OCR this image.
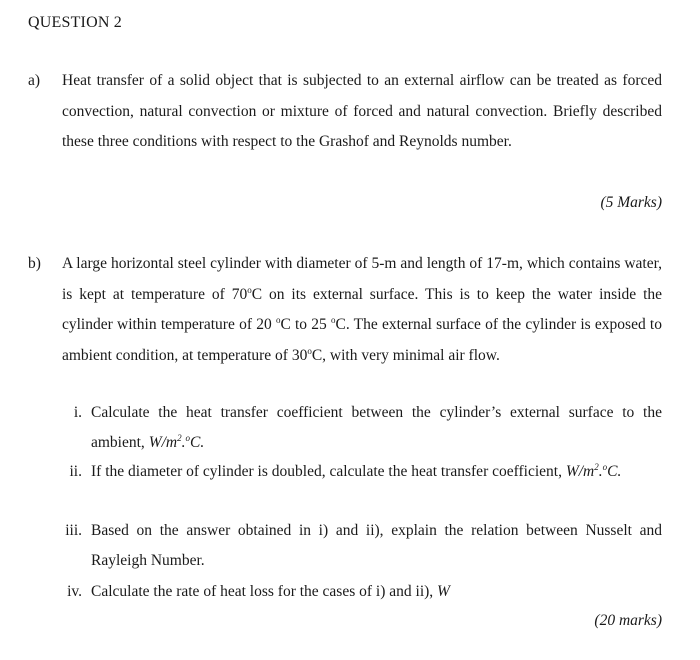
QUESTION 2
a) Heat transfer of a solid object that is subjected to an external airflow can be treated as forced convection, natural convection or mixture of forced and natural convection. Briefly described these three conditions with respect to the Grashof and Reynolds number.
(5 Marks)
b) A large horizontal steel cylinder with diameter of 5-m and length of 17-m, which contains water, is kept at temperature of 70$^o$C on its external surface. This is to keep the water inside the cylinder within temperature of 20 $^o$C to 25 $^o$C. The external surface of the cylinder is exposed to ambient condition, at temperature of 30$^o$C, with very minimal air flow.
i. Calculate the heat transfer coefficient between the cylinder’s external surface to the ambient, $W/m^2.^oC$.
ii. If the diameter of cylinder is doubled, calculate the heat transfer coefficient, $W/m^2.^oC$.
iii. Based on the answer obtained in i) and ii), explain the relation between Nusselt and Rayleigh Number.
iv. Calculate the rate of heat loss for the cases of i) and ii), W
(20 marks)
